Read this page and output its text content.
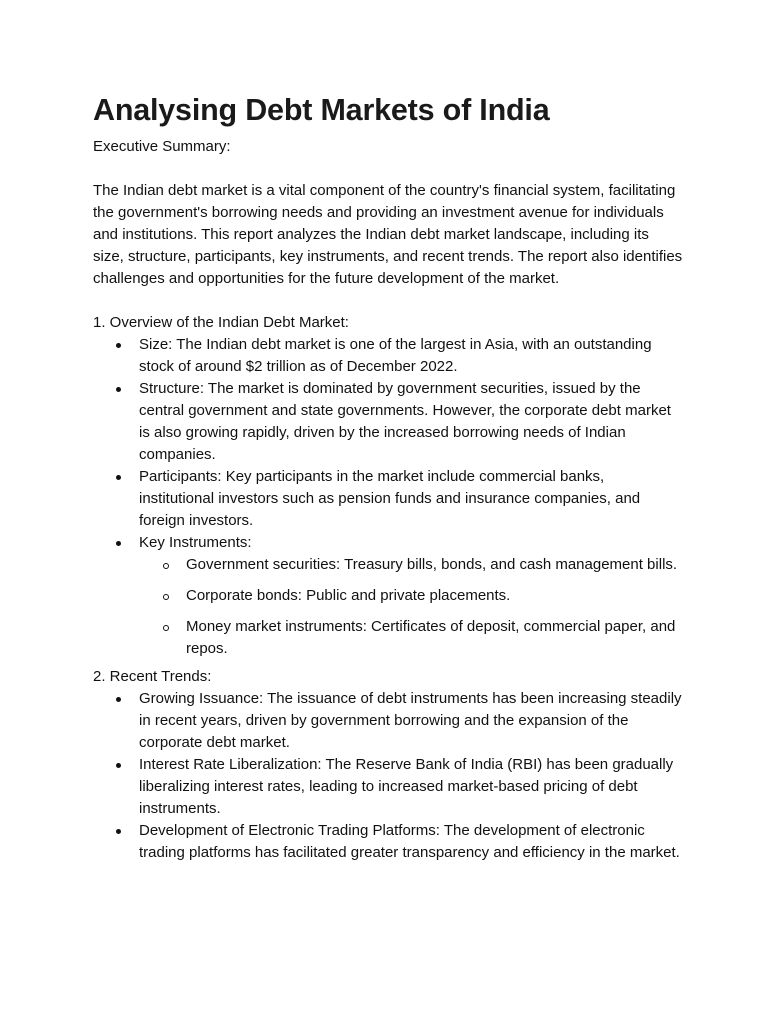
Analysing Debt Markets of India

Executive Summary:

The Indian debt market is a vital component of the country's financial system, facilitating the government's borrowing needs and providing an investment avenue for individuals and institutions. This report analyzes the Indian debt market landscape, including its size, structure, participants, key instruments, and recent trends. The report also identifies challenges and opportunities for the future development of the market.

1. Overview of the Indian Debt Market:

Size: The Indian debt market is one of the largest in Asia, with an outstanding stock of around $2 trillion as of December 2022.
Structure: The market is dominated by government securities, issued by the central government and state governments. However, the corporate debt market is also growing rapidly, driven by the increased borrowing needs of Indian companies.
Participants: Key participants in the market include commercial banks, institutional investors such as pension funds and insurance companies, and foreign investors.
Key Instruments:
Government securities: Treasury bills, bonds, and cash management bills.
Corporate bonds: Public and private placements.
Money market instruments: Certificates of deposit, commercial paper, and repos.

2. Recent Trends:

Growing Issuance: The issuance of debt instruments has been increasing steadily in recent years, driven by government borrowing and the expansion of the corporate debt market.
Interest Rate Liberalization: The Reserve Bank of India (RBI) has been gradually liberalizing interest rates, leading to increased market-based pricing of debt instruments.
Development of Electronic Trading Platforms: The development of electronic trading platforms has facilitated greater transparency and efficiency in the market.
